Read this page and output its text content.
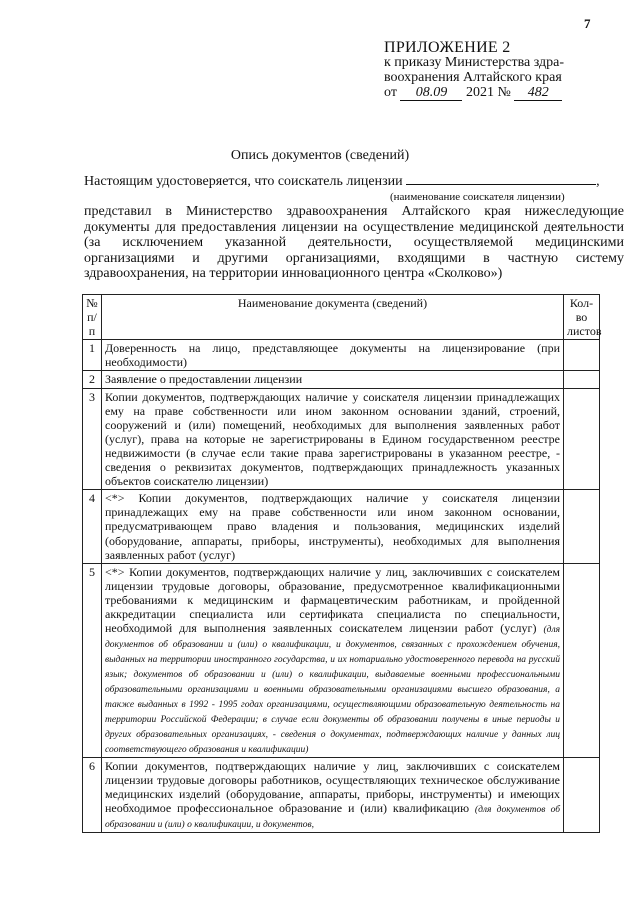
7
ПРИЛОЖЕНИЕ 2
к приказу Министерства здра-
воохранения Алтайского края
от 08.09 2021 № 482
Опись документов (сведений)
Настоящим удостоверяется, что соискатель лицензии	,
(наименование соискателя лицензии)
представил в Министерство здравоохранения Алтайского края нижеследующие документы для предоставления лицензии на осуществление медицинской деятельности (за исключением указанной деятельности, осуществляемой медицинскими организациями и другими организациями, входящими в частную систему здравоохранения, на территории инновационного центра «Сколково»)
№ п/п	Наименование документа (сведений)	Кол-во листов
1	Доверенность на лицо, представляющее документы на лицензирование (при необходимости)	
2	Заявление о предоставлении лицензии	
3	Копии документов, подтверждающих наличие у соискателя лицензии принадлежащих ему на праве собственности или ином законном основании зданий, строений, сооружений и (или) помещений, необходимых для выполнения заявленных работ (услуг), права на которые не зарегистрированы в Едином государственном реестре недвижимости (в случае если такие права зарегистрированы в указанном реестре, - сведения о реквизитах документов, подтверждающих принадлежность указанных объектов соискателю лицензии)	
4	<*> Копии документов, подтверждающих наличие у соискателя лицензии принадлежащих ему на праве собственности или ином законном основании, предусматривающем право владения и пользования, медицинских изделий (оборудование, аппараты, приборы, инструменты), необходимых для выполнения заявленных работ (услуг)	
5	<*> Копии документов, подтверждающих наличие у лиц, заключивших с соискателем лицензии трудовые договоры, образование, предусмотренное квалификационными требованиями к медицинским и фармацевтическим работникам, и пройденной аккредитации специалиста или сертификата специалиста по специальности, необходимой для выполнения заявленных соискателем лицензии работ (услуг) (для документов об образовании и (или) о квалификации, и документов, связанных с прохождением обучения, выданных на территории иностранного государства, и их нотариально удостоверенного перевода на русский язык; документов об образовании и (или) о квалификации, выдаваемые военными профессиональными образовательными организациями и военными образовательными организациями высшего образования, а также выданных в 1992 - 1995 годах организациями, осуществляющими образовательную деятельность на территории Российской Федерации; в случае если документы об образовании получены в иные периоды и других образовательных организациях, - сведения о документах, подтверждающих наличие у данных лиц соответствующего образования и квалификации)	
6	Копии документов, подтверждающих наличие у лиц, заключивших с соискателем лицензии трудовые договоры работников, осуществляющих техническое обслуживание медицинских изделий (оборудование, аппараты, приборы, инструменты) и имеющих необходимое профессиональное образование и (или) квалификацию (для документов об образовании и (или) о квалификации, и документов,	
